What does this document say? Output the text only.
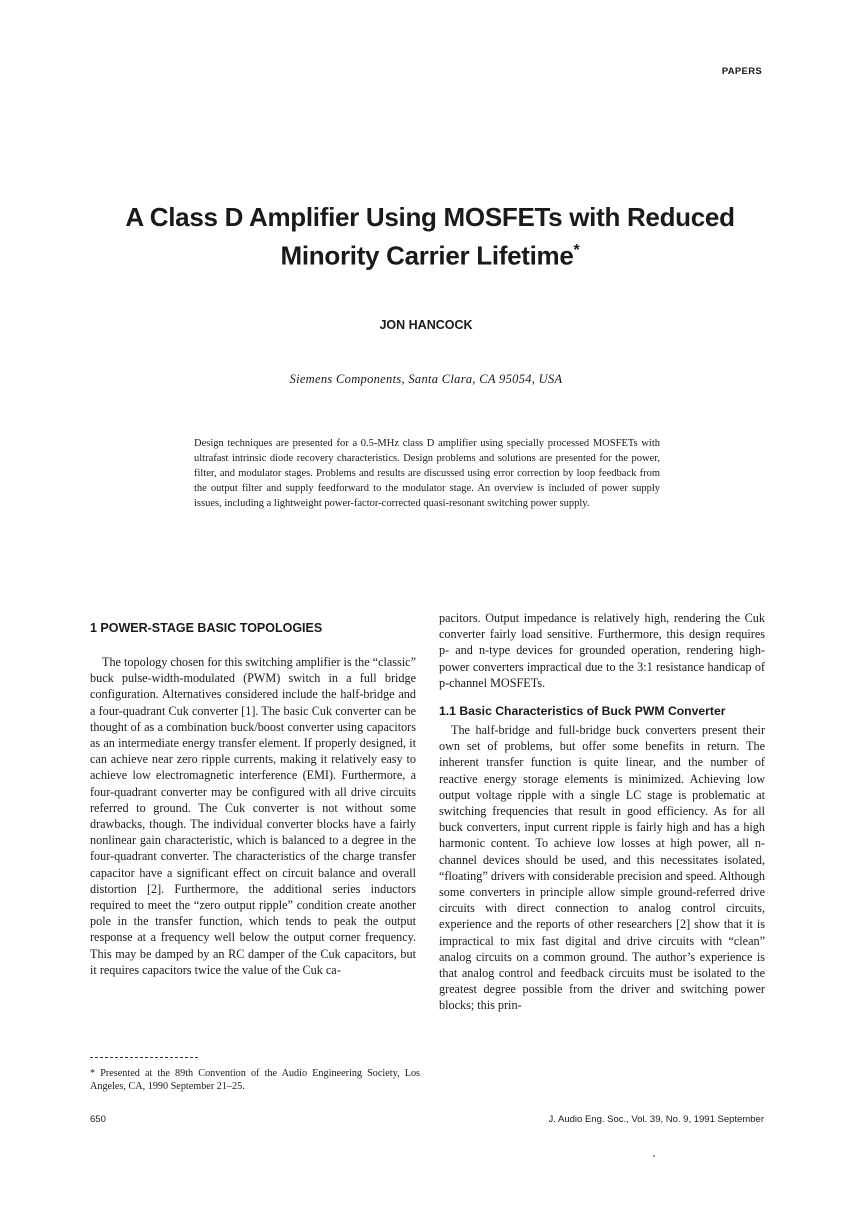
PAPERS
A Class D Amplifier Using MOSFETs with Reduced
Minority Carrier Lifetime*
JON HANCOCK
Siemens Components, Santa Clara, CA 95054, USA
Design techniques are presented for a 0.5-MHz class D amplifier using specially processed MOSFETs with ultrafast intrinsic diode recovery characteristics. Design problems and solutions are presented for the power, filter, and modulator stages. Problems and results are discussed using error correction by loop feedback from the output filter and supply feedforward to the modulator stage. An overview is included of power supply issues, including a lightweight power-factor-corrected quasi-resonant switching power supply.
1 POWER-STAGE BASIC TOPOLOGIES

The topology chosen for this switching amplifier is the “classic” buck pulse-width-modulated (PWM) switch in a full bridge configuration. Alternatives considered include the half-bridge and a four-quadrant Cuk converter [1]. The basic Cuk converter can be thought of as a combination buck/boost converter using capacitors as an intermediate energy transfer element. If properly designed, it can achieve near zero ripple currents, making it relatively easy to achieve low electromagnetic interference (EMI). Furthermore, a four-quadrant converter may be configured with all drive circuits referred to ground. The Cuk converter is not without some drawbacks, though. The individual converter blocks have a fairly nonlinear gain characteristic, which is balanced to a degree in the four-quadrant converter. The characteristics of the charge transfer capacitor have a significant effect on circuit balance and overall distortion [2]. Furthermore, the additional series inductors required to meet the “zero output ripple” condition create another pole in the transfer function, which tends to peak the output response at a frequency well below the output corner frequency. This may be damped by an RC damper of the Cuk capacitors, but it requires capacitors twice the value of the Cuk ca-

pacitors. Output impedance is relatively high, rendering the Cuk converter fairly load sensitive. Furthermore, this design requires p- and n-type devices for grounded operation, rendering high-power converters impractical due to the 3:1 resistance handicap of p-channel MOSFETs.

1.1 Basic Characteristics of Buck PWM Converter

The half-bridge and full-bridge buck converters present their own set of problems, but offer some benefits in return. The inherent transfer function is quite linear, and the number of reactive energy storage elements is minimized. Achieving low output voltage ripple with a single LC stage is problematic at switching frequencies that result in good efficiency. As for all buck converters, input current ripple is fairly high and has a high harmonic content. To achieve low losses at high power, all n-channel devices should be used, and this necessitates isolated, “floating” drivers with considerable precision and speed. Although some converters in principle allow simple ground-referred drive circuits with direct connection to analog control circuits, experience and the reports of other researchers [2] show that it is impractical to mix fast digital and drive circuits with “clean” analog circuits on a common ground. The author’s experience is that analog control and feedback circuits must be isolated to the greatest degree possible from the driver and switching power blocks; this prin-

* Presented at the 89th Convention of the Audio Engineering Society, Los Angeles, CA, 1990 September 21–25.
650	J. Audio Eng. Soc., Vol. 39, No. 9, 1991 September
